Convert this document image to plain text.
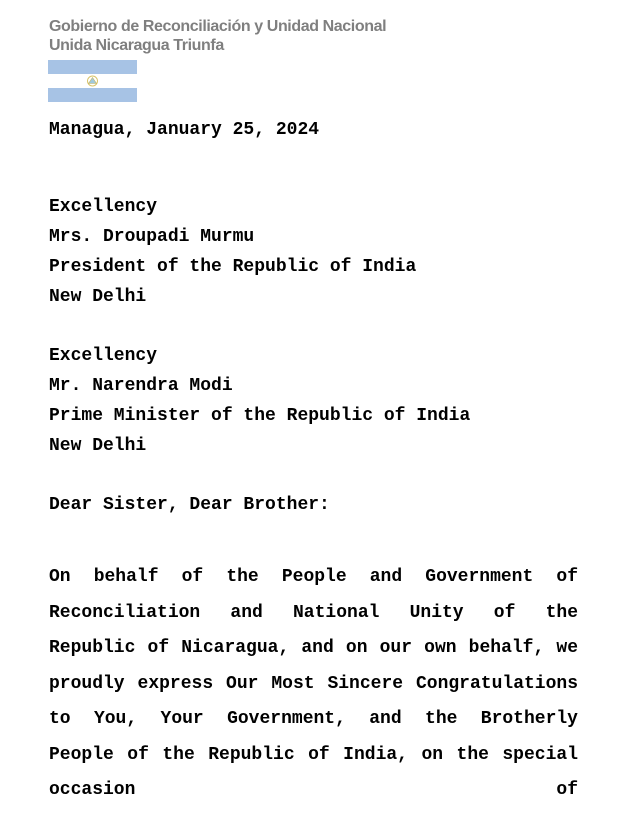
Gobierno de Reconciliación y Unidad Nacional
Unida Nicaragua Triunfa
Managua, January 25, 2024
Excellency
Mrs. Droupadi Murmu
President of the Republic of India
New Delhi
Excellency
Mr. Narendra Modi
Prime Minister of the Republic of India
New Delhi
Dear Sister, Dear Brother:
On behalf of the People and Government of Reconciliation and National Unity of the Republic of Nicaragua, and on our own behalf, we proudly express Our Most Sincere Congratulations to You, Your Government, and the Brotherly People of the Republic of India, on the special occasion of
